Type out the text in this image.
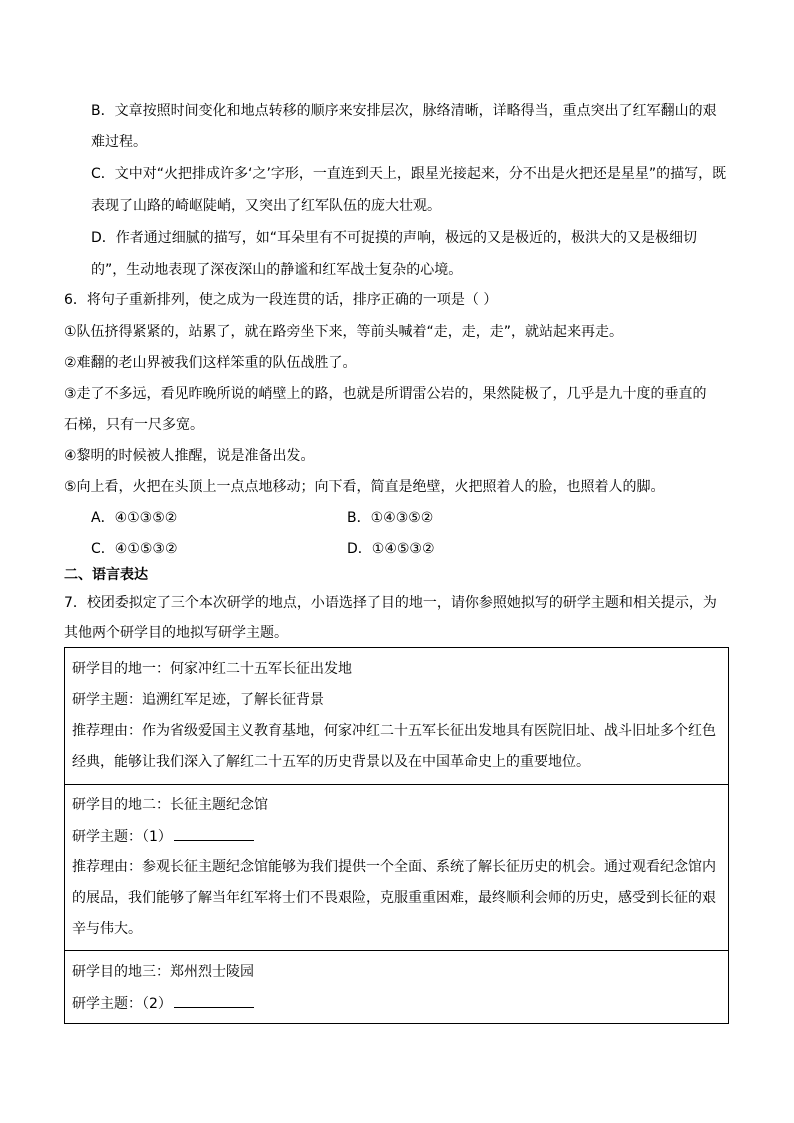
B．文章按照时间变化和地点转移的顺序来安排层次，脉络清晰，详略得当，重点突出了红军翻山的艰
难过程。
C．文中对“火把排成许多‘之’字形，一直连到天上，跟星光接起来，分不出是火把还是星星”的描写，既
表现了山路的崎岖陡峭，又突出了红军队伍的庞大壮观。
D．作者通过细腻的描写，如“耳朵里有不可捉摸的声响，极远的又是极近的，极洪大的又是极细切
的”，生动地表现了深夜深山的静谧和红军战士复杂的心境。
6．将句子重新排列，使之成为一段连贯的话，排序正确的一项是（ ）
①队伍挤得紧紧的，站累了，就在路旁坐下来，等前头喊着“走，走，走”，就站起来再走。
②难翻的老山界被我们这样笨重的队伍战胜了。
③走了不多远，看见昨晚所说的峭壁上的路，也就是所谓雷公岩的，果然陡极了，几乎是九十度的垂直的
石梯，只有一尺多宽。
④黎明的时候被人推醒，说是准备出发。
⑤向上看，火把在头顶上一点点地移动；向下看，简直是绝壁，火把照着人的脸，也照着人的脚。
A．④①③⑤②	B．①④③⑤②
C．④①⑤③②	D．①④⑤③②
二、语言表达
7．校团委拟定了三个本次研学的地点，小语选择了目的地一，请你参照她拟写的研学主题和相关提示，为
其他两个研学目的地拟写研学主题。
研学目的地一：何家冲红二十五军长征出发地
研学主题：追溯红军足迹，了解长征背景
推荐理由：作为省级爱国主义教育基地，何家冲红二十五军长征出发地具有医院旧址、战斗旧址多个红色
经典，能够让我们深入了解红二十五军的历史背景以及在中国革命史上的重要地位。
研学目的地二：长征主题纪念馆
研学主题：（1）
推荐理由：参观长征主题纪念馆能够为我们提供一个全面、系统了解长征历史的机会。通过观看纪念馆内
的展品，我们能够了解当年红军将士们不畏艰险，克服重重困难，最终顺利会师的历史，感受到长征的艰
辛与伟大。
研学目的地三：郑州烈士陵园
研学主题：（2）
